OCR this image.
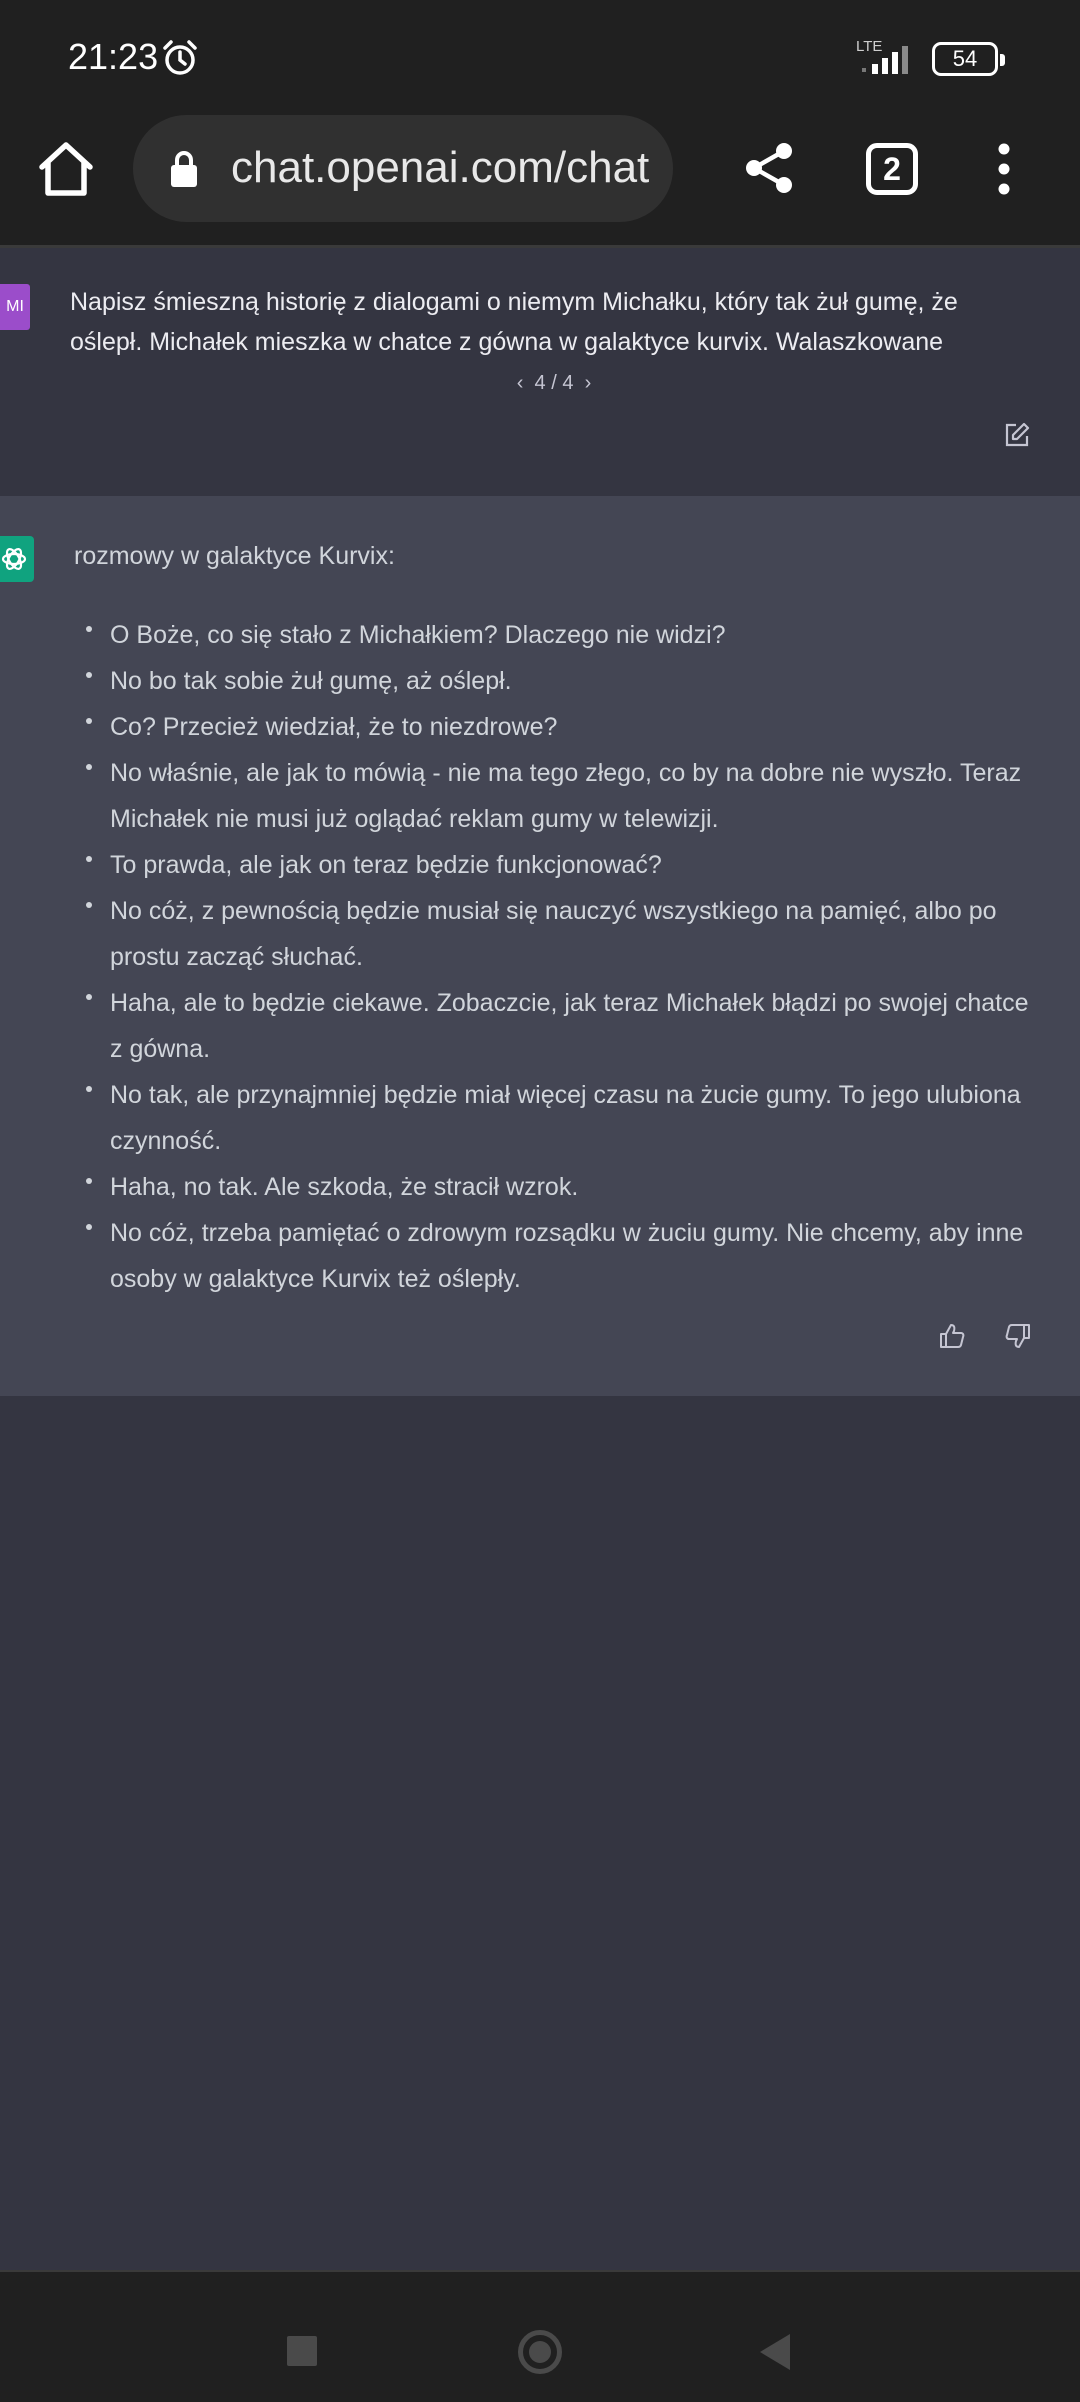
21:23	LTE	54
chat.openai.com/chat	2
MI Napisz śmieszną historię z dialogami o niemym Michałku, który tak żuł gumę, że oślepł. Michałek mieszka w chatce z gówna w galaktyce kurvix. Walaszkowane
‹  4 / 4  ›
rozmowy w galaktyce Kurvix:
O Boże, co się stało z Michałkiem? Dlaczego nie widzi?
No bo tak sobie żuł gumę, aż oślepł.
Co? Przecież wiedział, że to niezdrowe?
No właśnie, ale jak to mówią - nie ma tego złego, co by na dobre nie wyszło. Teraz Michałek nie musi już oglądać reklam gumy w telewizji.
To prawda, ale jak on teraz będzie funkcjonować?
No cóż, z pewnością będzie musiał się nauczyć wszystkiego na pamięć, albo po prostu zacząć słuchać.
Haha, ale to będzie ciekawe. Zobaczcie, jak teraz Michałek błądzi po swojej chatce z gówna.
No tak, ale przynajmniej będzie miał więcej czasu na żucie gumy. To jego ulubiona czynność.
Haha, no tak. Ale szkoda, że stracił wzrok.
No cóż, trzeba pamiętać o zdrowym rozsądku w żuciu gumy. Nie chcemy, aby inne osoby w galaktyce Kurvix też oślepły.
